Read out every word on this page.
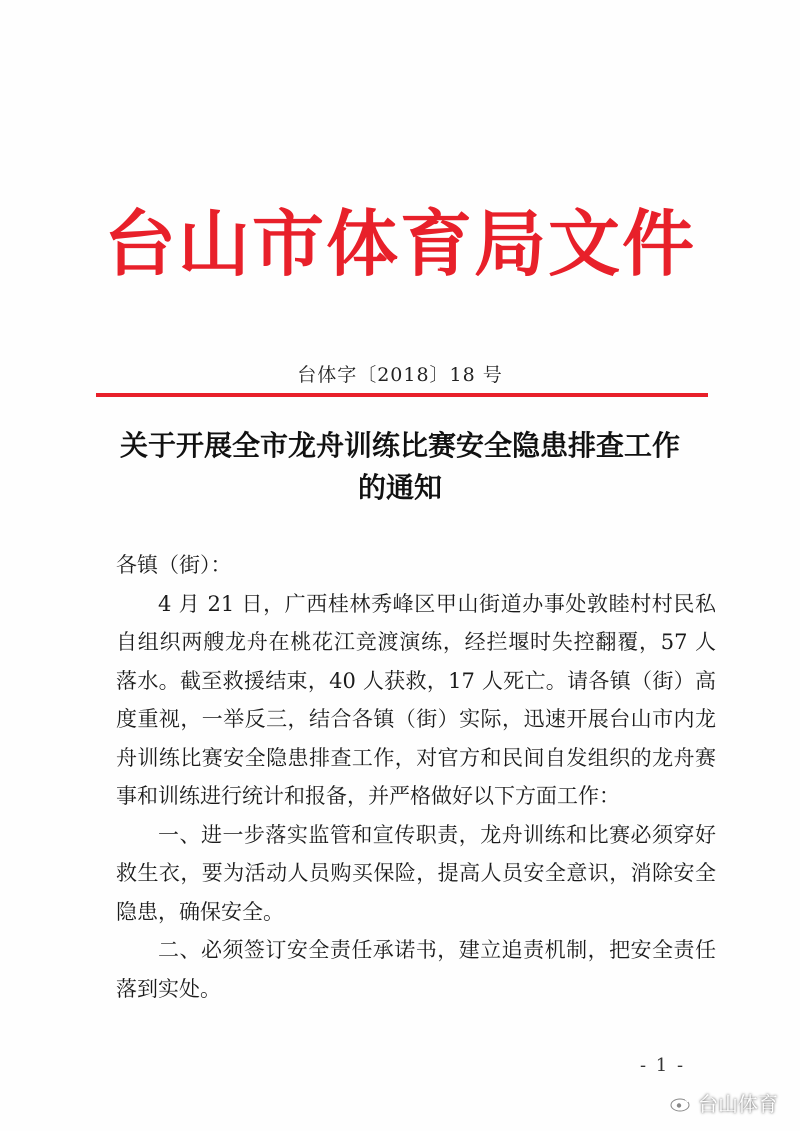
台山市体育局文件
台体字〔2018〕18 号
关于开展全市龙舟训练比赛安全隐患排查工作
的通知

各镇（街）：

4 月 21 日，广西桂林秀峰区甲山街道办事处敦睦村村民私自组织两艘龙舟在桃花江竞渡演练，经拦堰时失控翻覆，57 人落水。截至救援结束，40 人获救，17 人死亡。请各镇（街）高度重视，一举反三，结合各镇（街）实际，迅速开展台山市内龙舟训练比赛安全隐患排查工作，对官方和民间自发组织的龙舟赛事和训练进行统计和报备，并严格做好以下方面工作：

一、进一步落实监管和宣传职责，龙舟训练和比赛必须穿好救生衣，要为活动人员购买保险，提高人员安全意识，消除安全隐患，确保安全。

二、必须签订安全责任承诺书，建立追责机制，把安全责任落到实处。

- 1 -
台山体育
